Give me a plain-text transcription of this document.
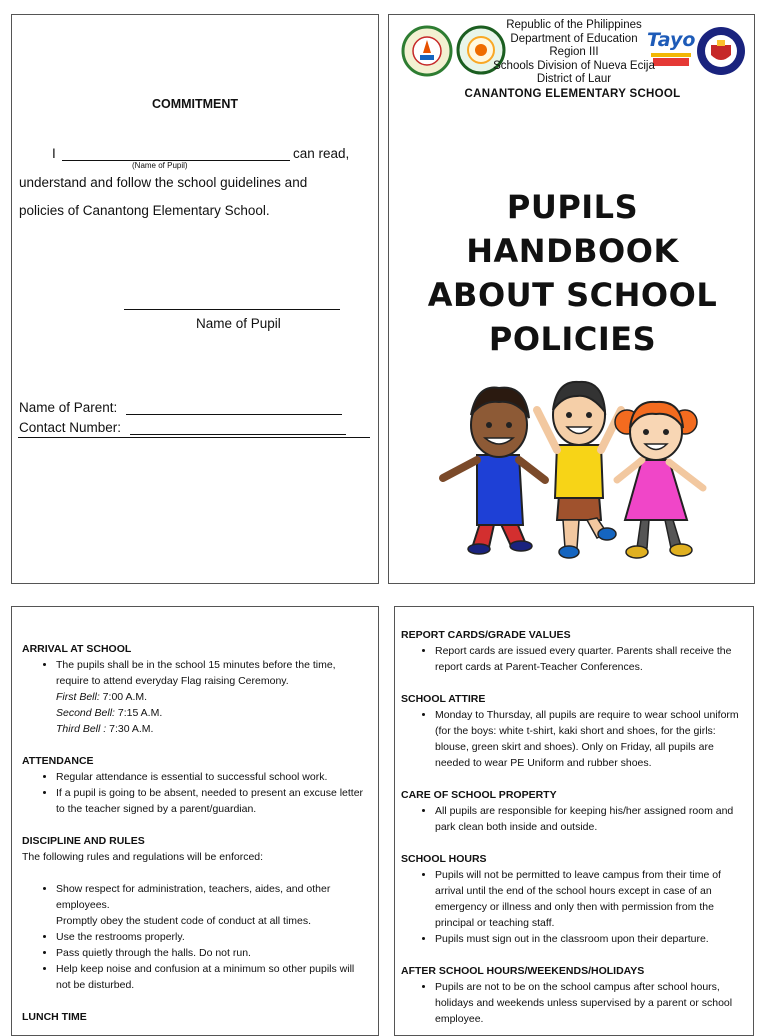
COMMITMENT
I
(Name of Pupil)
can read,
understand and follow the school guidelines and
policies of Canantong Elementary School.
Name of Pupil
Name of Parent:
Contact Number:
Tayo
Republic of the Philippines
Department of Education
Region III
Schools Division of Nueva Ecija
District of Laur
CANANTONG ELEMENTARY SCHOOL
PUPILS
HANDBOOK
ABOUT SCHOOL
POLICIES
ARRIVAL AT SCHOOL
• The pupils shall be in the school 15 minutes before the time, require to attend everyday Flag raising Ceremony.
First Bell: 7:00 A.M.
Second Bell: 7:15 A.M.
Third Bell : 7:30 A.M.
ATTENDANCE
• Regular attendance is essential to successful school work.
• If a pupil is going to be absent, needed to present an excuse letter to the teacher signed by a parent/guardian.
DISCIPLINE AND RULES

The following rules and regulations will be enforced:

• Show respect for administration, teachers, aides, and other employees.
Promptly obey the student code of conduct at all times.
• Use the restrooms properly.
• Pass quietly through the halls. Do not run.
• Help keep noise and confusion at a minimum so other pupils will not be disturbed.
LUNCH TIME
REPORT CARDS/GRADE VALUES
• Report cards are issued every quarter. Parents shall receive the report cards at Parent-Teacher Conferences.
SCHOOL ATTIRE
• Monday to Thursday, all pupils are require to wear school uniform (for the boys: white t-shirt, kaki short and shoes, for the girls: blouse, green skirt and shoes). Only on Friday, all pupils are needed to wear PE Uniform and rubber shoes.
CARE OF SCHOOL PROPERTY
• All pupils are responsible for keeping his/her assigned room and park clean both inside and outside.
SCHOOL HOURS
• Pupils will not be permitted to leave campus from their time of arrival until the end of the school hours except in case of an emergency or illness and only then with permission from the principal or teaching staff.
• Pupils must sign out in the classroom upon their departure.
AFTER SCHOOL HOURS/WEEKENDS/HOLIDAYS
• Pupils are not to be on the school campus after school hours, holidays and weekends unless supervised by a parent or school employee.
